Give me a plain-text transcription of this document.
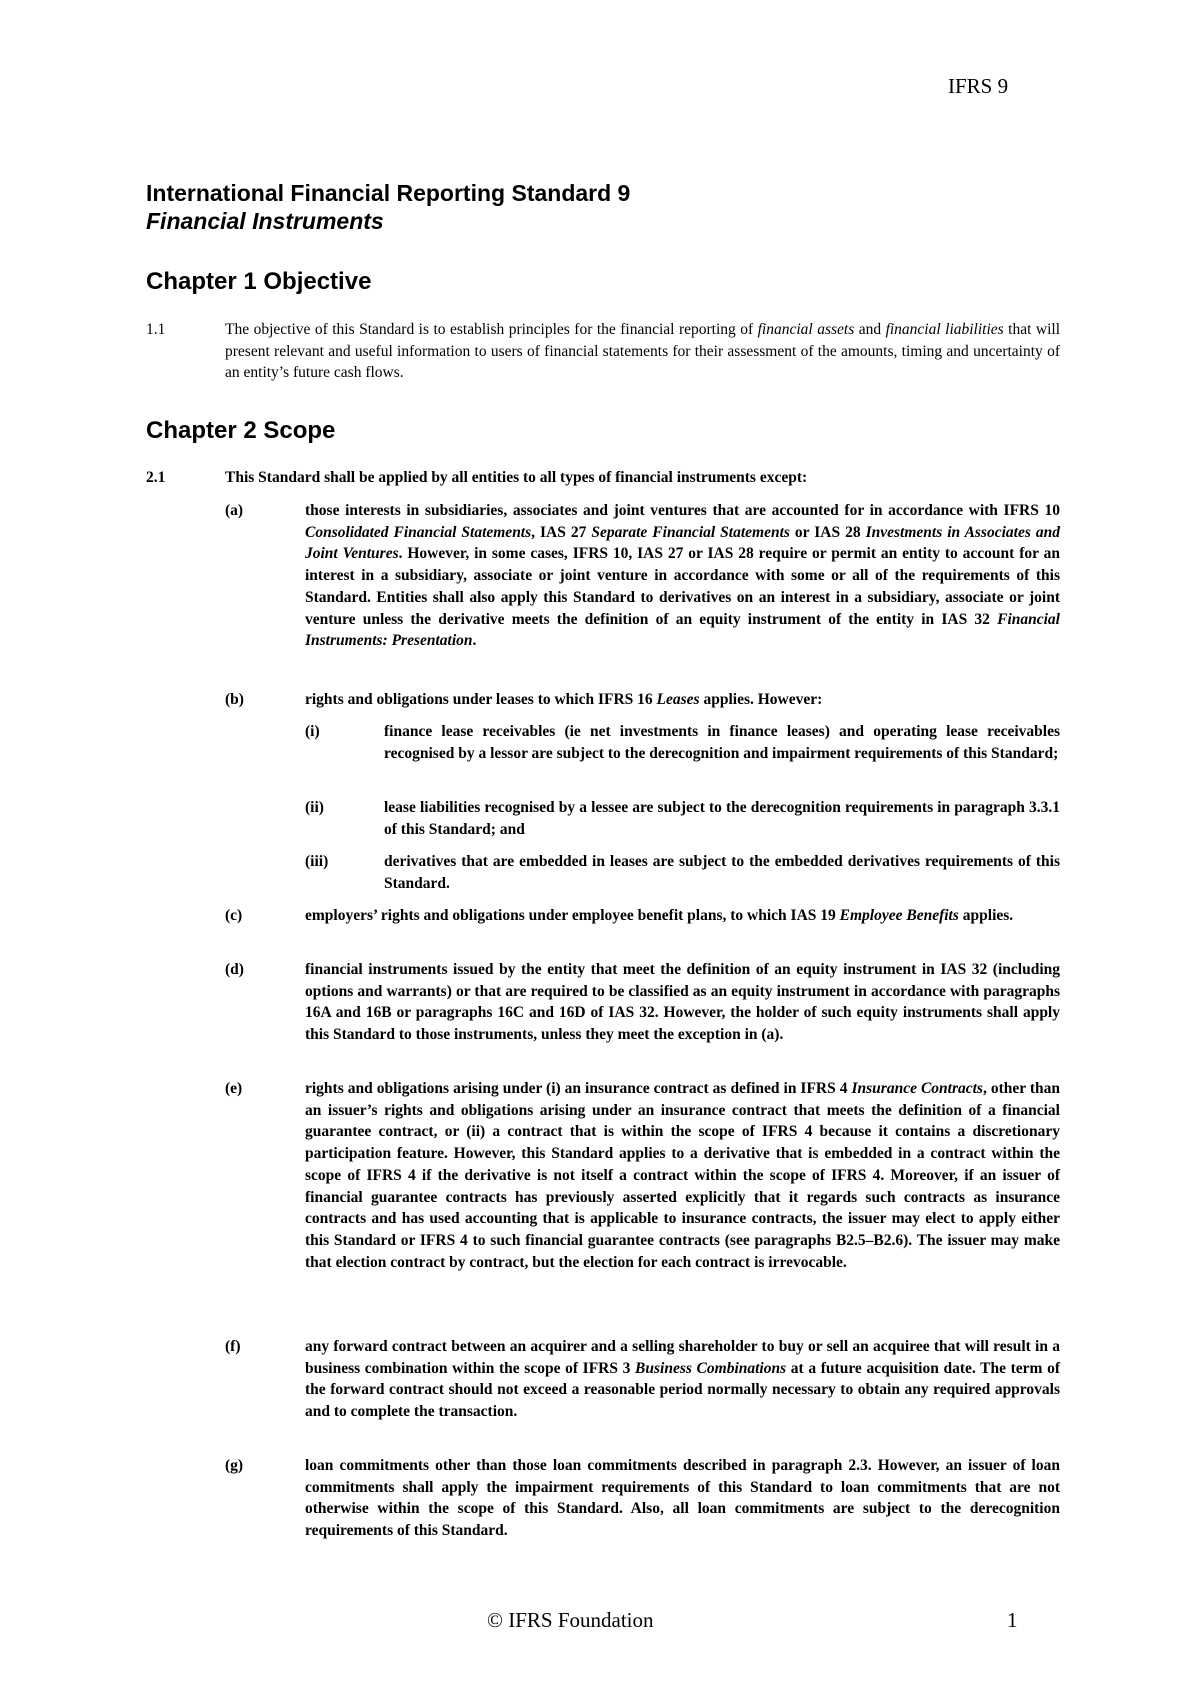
IFRS 9
International Financial Reporting Standard 9
Financial Instruments
Chapter 1 Objective
1.1	The objective of this Standard is to establish principles for the financial reporting of financial assets and financial liabilities that will present relevant and useful information to users of financial statements for their assessment of the amounts, timing and uncertainty of an entity’s future cash flows.
Chapter 2 Scope
2.1	This Standard shall be applied by all entities to all types of financial instruments except:
(a)	those interests in subsidiaries, associates and joint ventures that are accounted for in accordance with IFRS 10 Consolidated Financial Statements, IAS 27 Separate Financial Statements or IAS 28 Investments in Associates and Joint Ventures. However, in some cases, IFRS 10, IAS 27 or IAS 28 require or permit an entity to account for an interest in a subsidiary, associate or joint venture in accordance with some or all of the requirements of this Standard. Entities shall also apply this Standard to derivatives on an interest in a subsidiary, associate or joint venture unless the derivative meets the definition of an equity instrument of the entity in IAS 32 Financial Instruments: Presentation.
(b)	rights and obligations under leases to which IFRS 16 Leases applies. However:
(i)	finance lease receivables (ie net investments in finance leases) and operating lease receivables recognised by a lessor are subject to the derecognition and impairment requirements of this Standard;
(ii)	lease liabilities recognised by a lessee are subject to the derecognition requirements in paragraph 3.3.1 of this Standard; and
(iii)	derivatives that are embedded in leases are subject to the embedded derivatives requirements of this Standard.
(c)	employers’ rights and obligations under employee benefit plans, to which IAS 19 Employee Benefits applies.
(d)	financial instruments issued by the entity that meet the definition of an equity instrument in IAS 32 (including options and warrants) or that are required to be classified as an equity instrument in accordance with paragraphs 16A and 16B or paragraphs 16C and 16D of IAS 32. However, the holder of such equity instruments shall apply this Standard to those instruments, unless they meet the exception in (a).
(e)	rights and obligations arising under (i) an insurance contract as defined in IFRS 4 Insurance Contracts, other than an issuer’s rights and obligations arising under an insurance contract that meets the definition of a financial guarantee contract, or (ii) a contract that is within the scope of IFRS 4 because it contains a discretionary participation feature. However, this Standard applies to a derivative that is embedded in a contract within the scope of IFRS 4 if the derivative is not itself a contract within the scope of IFRS 4. Moreover, if an issuer of financial guarantee contracts has previously asserted explicitly that it regards such contracts as insurance contracts and has used accounting that is applicable to insurance contracts, the issuer may elect to apply either this Standard or IFRS 4 to such financial guarantee contracts (see paragraphs B2.5–B2.6). The issuer may make that election contract by contract, but the election for each contract is irrevocable.
(f)	any forward contract between an acquirer and a selling shareholder to buy or sell an acquiree that will result in a business combination within the scope of IFRS 3 Business Combinations at a future acquisition date. The term of the forward contract should not exceed a reasonable period normally necessary to obtain any required approvals and to complete the transaction.
(g)	loan commitments other than those loan commitments described in paragraph 2.3. However, an issuer of loan commitments shall apply the impairment requirements of this Standard to loan commitments that are not otherwise within the scope of this Standard. Also, all loan commitments are subject to the derecognition requirements of this Standard.
© IFRS Foundation	1
